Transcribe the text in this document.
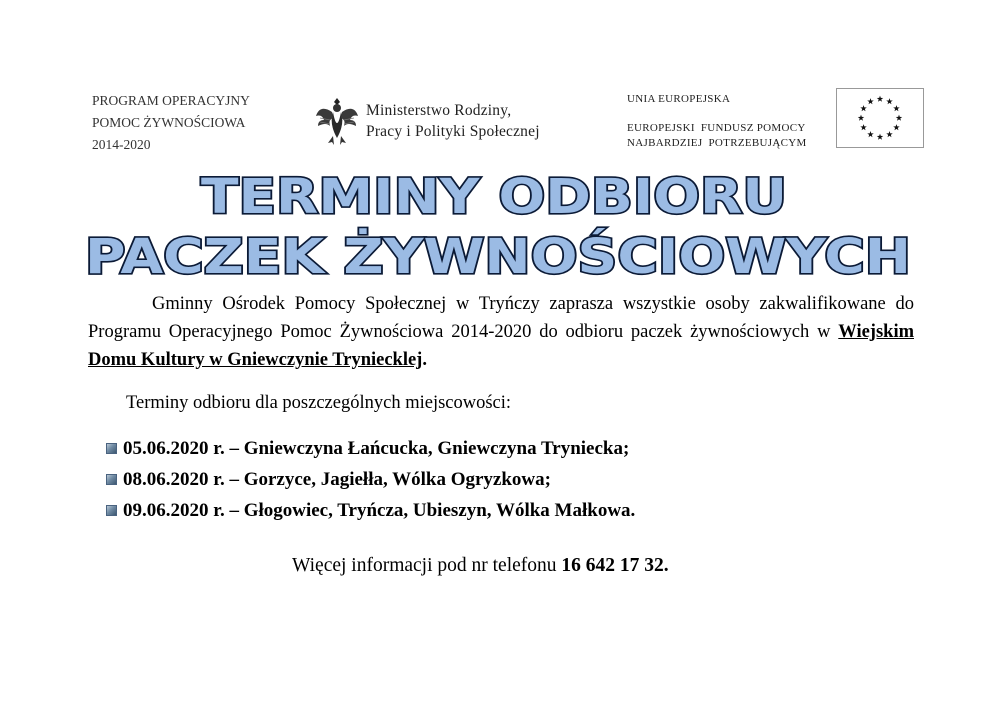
PROGRAM OPERACYJNY
POMOC ŻYWNOŚCIOWA
2014-2020
Ministerstwo Rodziny,
Pracy i Polityki Społecznej
UNIA EUROPEJSKA
EUROPEJSKI  FUNDUSZ POMOCY
NAJBARDZIEJ  POTRZEBUJĄCYM
TERMINY ODBIORU
PACZEK ŻYWNOŚCIOWYCH

Gminny Ośrodek Pomocy Społecznej w Tryńczy zaprasza wszystkie osoby zakwalifikowane do Programu Operacyjnego Pomoc Żywnościowa 2014-2020 do odbioru paczek żywnościowych w Wiejskim Domu Kultury w Gniewczynie Tryniecklej.

Terminy odbioru dla poszczególnych miejscowości:

05.06.2020 r. – Gniewczyna Łańcucka, Gniewczyna Tryniecka;
08.06.2020 r. – Gorzyce, Jagiełła, Wólka Ogryzkowa;
09.06.2020 r. – Głogowiec, Tryńcza, Ubieszyn, Wólka Małkowa.
Więcej informacji pod nr telefonu 16 642 17 32.
